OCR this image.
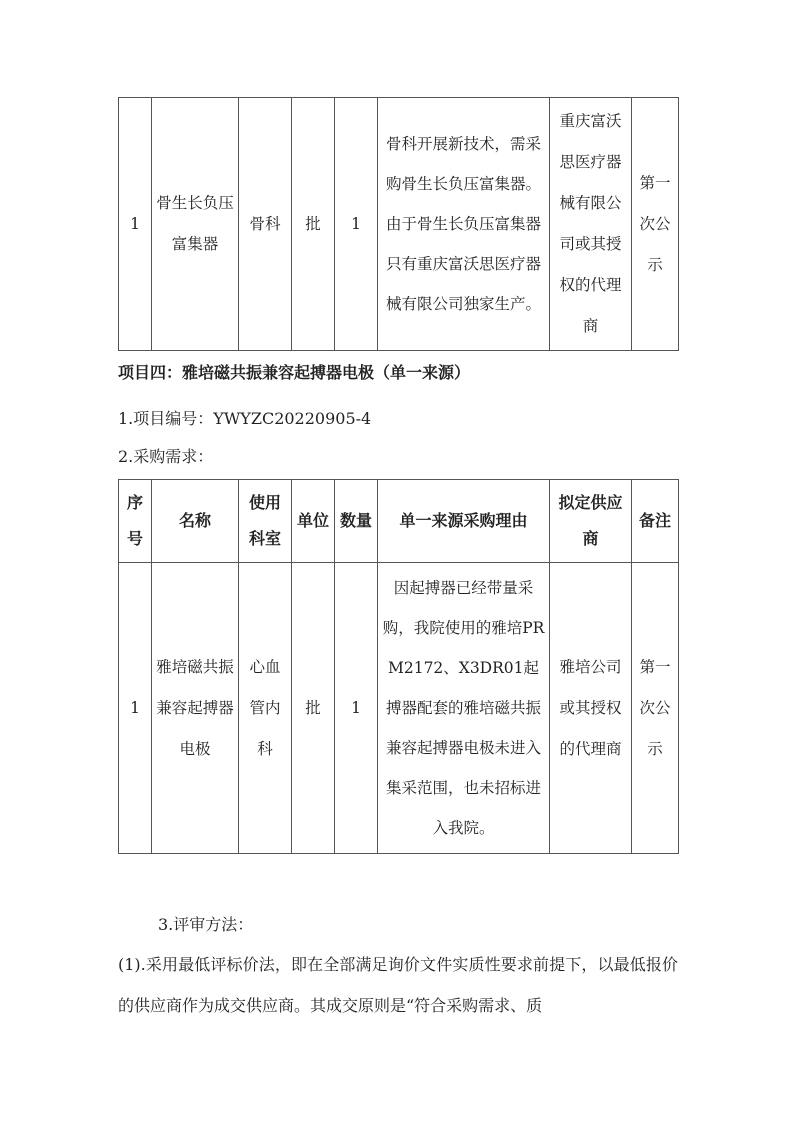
1	骨生长负压富集器	骨科	批	1	骨科开展新技术，需采购骨生长负压富集器。由于骨生长负压富集器只有重庆富沃思医疗器械有限公司独家生产。	重庆富沃思医疗器械有限公司或其授权的代理商	第一次公示
项目四：雅培磁共振兼容起搏器电极（单一来源）
1.项目编号：YWYZC20220905-4
2.采购需求：
序号	名称	使用科室	单位	数量	单一来源采购理由	拟定供应商	备注
1	雅培磁共振兼容起搏器电极	心血管内科	批	1	因起搏器已经带量采购，我院使用的雅培PRM2172、X3DR01起搏器配套的雅培磁共振兼容起搏器电极未进入集采范围，也未招标进入我院。	雅培公司或其授权的代理商	第一次公示
3.评审方法：
(1).采用最低评标价法，即在全部满足询价文件实质性要求前提下，以最低报价的供应商作为成交供应商。其成交原则是“符合采购需求、质
